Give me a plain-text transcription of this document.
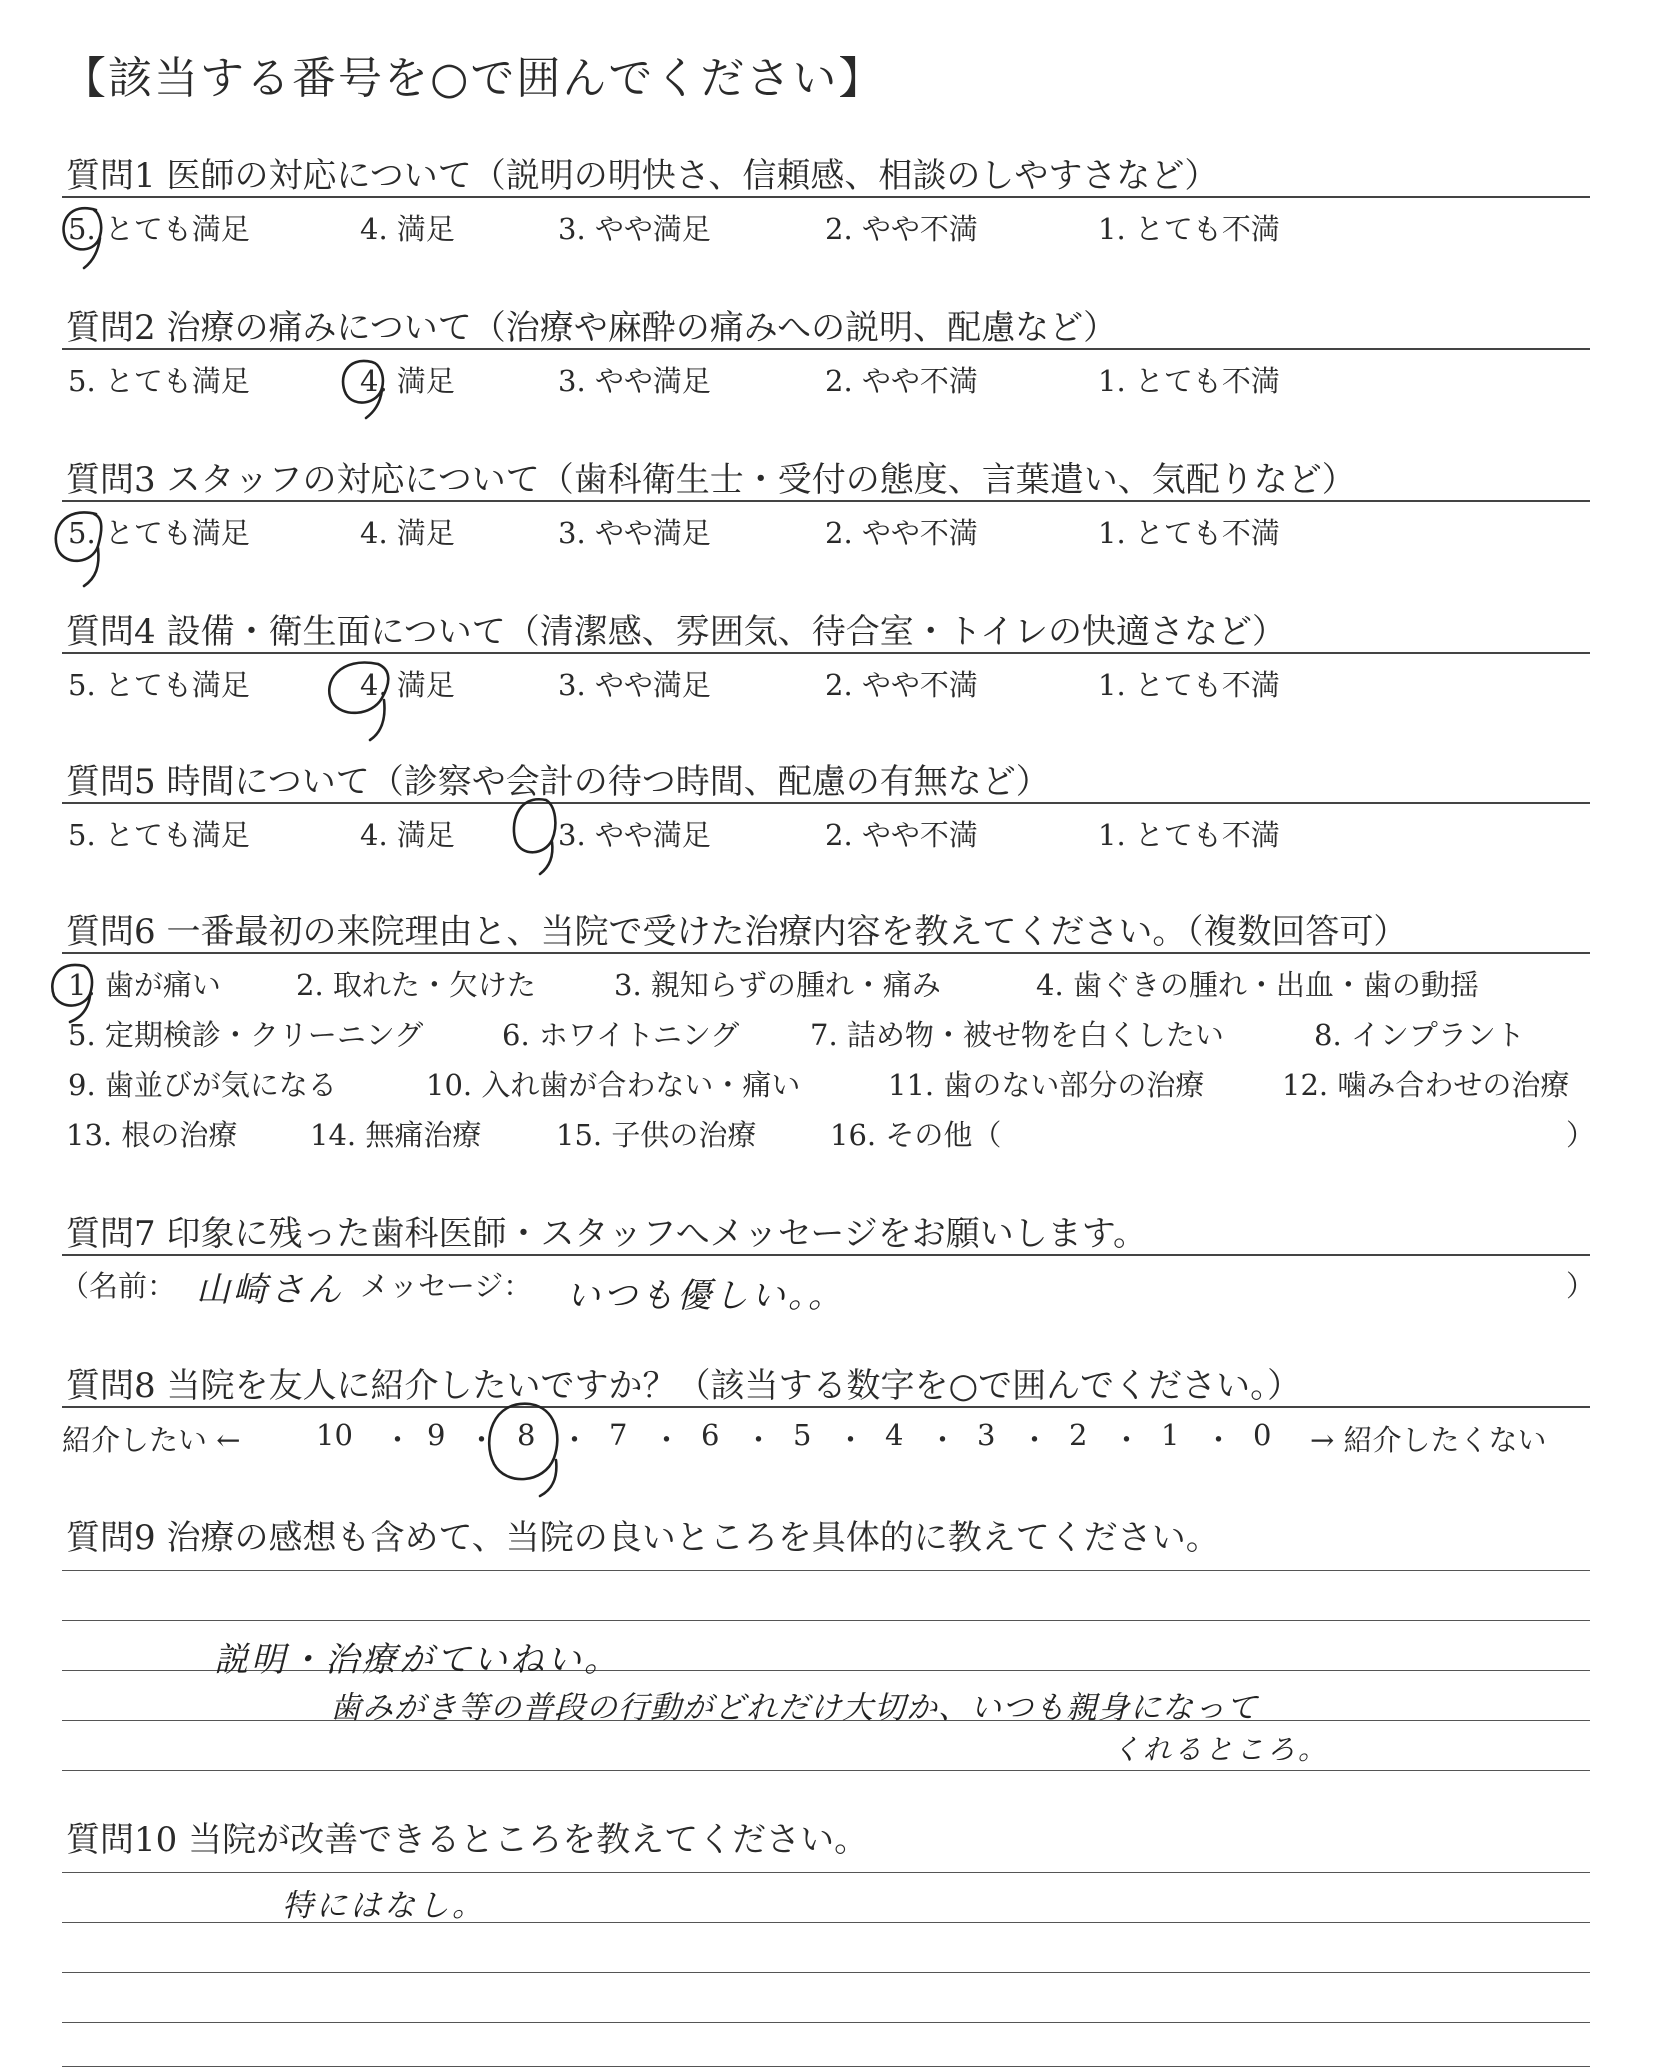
【該当する番号を○で囲んでください】
質問1 医師の対応について（説明の明快さ、信頼感、相談のしやすさなど）
5. とても満足	4. 満足	3. やや満足	2. やや不満	1. とても不満
質問2 治療の痛みについて（治療や麻酔の痛みへの説明、配慮など）
5. とても満足	4. 満足	3. やや満足	2. やや不満	1. とても不満
質問3 スタッフの対応について（歯科衛生士・受付の態度、言葉遣い、気配りなど）
5. とても満足	4. 満足	3. やや満足	2. やや不満	1. とても不満
質問4 設備・衛生面について（清潔感、雰囲気、待合室・トイレの快適さなど）
5. とても満足	4. 満足	3. やや満足	2. やや不満	1. とても不満
質問5 時間について（診察や会計の待つ時間、配慮の有無など）
5. とても満足	4. 満足	3. やや満足	2. やや不満	1. とても不満
質問6 一番最初の来院理由と、当院で受けた治療内容を教えてください。（複数回答可）
1. 歯が痛い	2. 取れた・欠けた	3. 親知らずの腫れ・痛み	4. 歯ぐきの腫れ・出血・歯の動揺
5. 定期検診・クリーニング	6. ホワイトニング 7. 詰め物・被せ物を白くしたい	8. インプラント
9. 歯並びが気になる	10. 入れ歯が合わない・痛い	11. 歯のない部分の治療	12. 噛み合わせの治療
13. 根の治療	14. 無痛治療	15. 子供の治療	16. その他（	）
質問7 印象に残った歯科医師・スタッフへメッセージをお願いします。
（名前： 山崎さん メッセージ： いつも優しい。。	）
質問8 当院を友人に紹介したいですか？（該当する数字を○で囲んでください。）
紹介したい ←	10 ・ 9 ・ 8 ・ 7 ・ 6 ・ 5 ・ 4 ・ 3 ・ 2 ・ 1 ・ 0 → 紹介したくない
質問9 治療の感想も含めて、当院の良いところを具体的に教えてください。
説明・治療がていねい。
歯みがき等の普段の行動がどれだけ大切か、いつも親身になって
くれるところ。
質問10 当院が改善できるところを教えてください。
特にはなし。
